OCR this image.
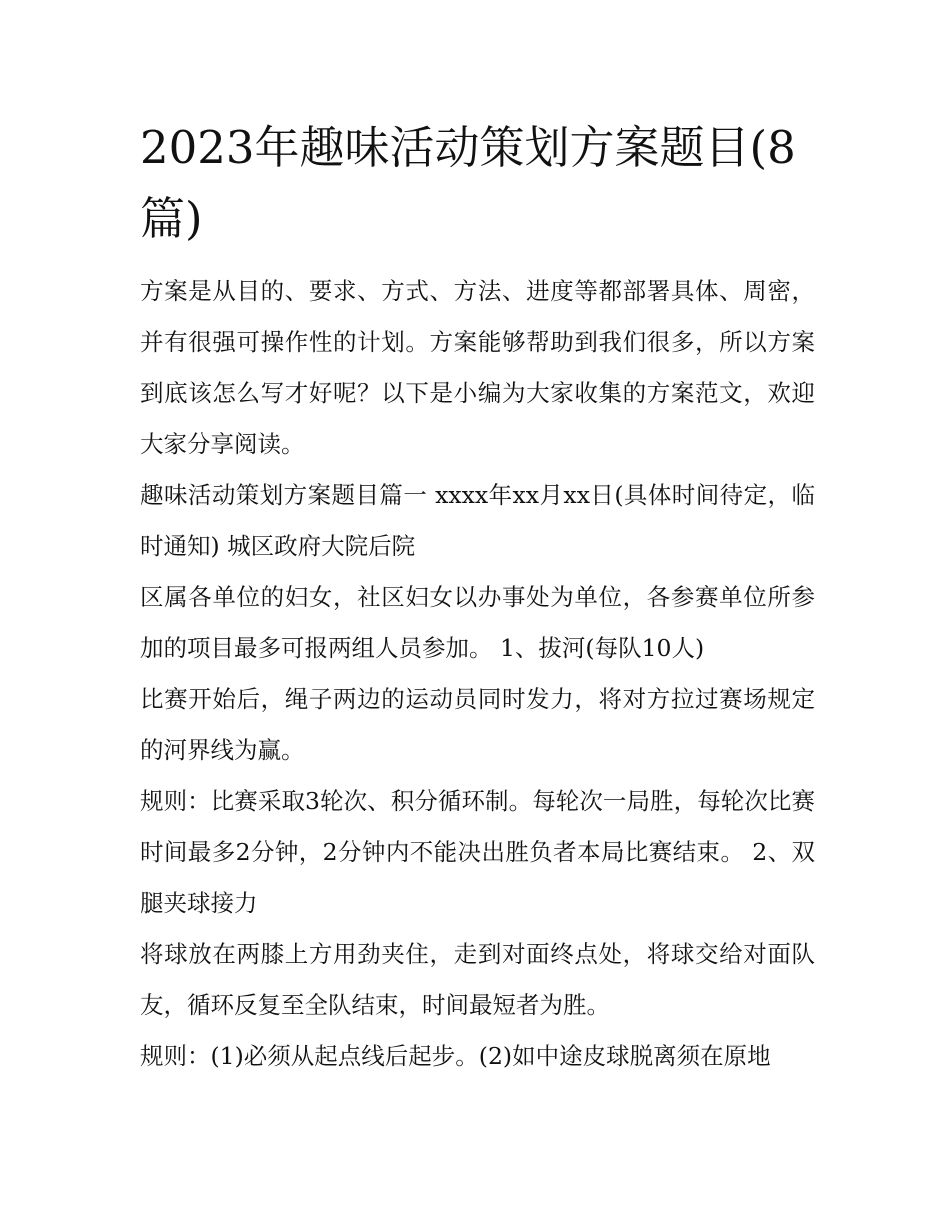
2023年趣味活动策划方案题目(8篇)

方案是从目的、要求、方式、方法、进度等都部署具体、周密，并有很强可操作性的计划。方案能够帮助到我们很多，所以方案到底该怎么写才好呢？以下是小编为大家收集的方案范文，欢迎大家分享阅读。

趣味活动策划方案题目篇一 xxxx年xx月xx日(具体时间待定，临时通知) 城区政府大院后院

区属各单位的妇女，社区妇女以办事处为单位，各参赛单位所参加的项目最多可报两组人员参加。 1、拔河(每队10人)

比赛开始后，绳子两边的运动员同时发力，将对方拉过赛场规定的河界线为赢。

规则：比赛采取3轮次、积分循环制。每轮次一局胜，每轮次比赛时间最多2分钟，2分钟内不能决出胜负者本局比赛结束。 2、双腿夹球接力

将球放在两膝上方用劲夹住，走到对面终点处，将球交给对面队友，循环反复至全队结束，时间最短者为胜。

规则：(1)必须从起点线后起步。(2)如中途皮球脱离须在原地
